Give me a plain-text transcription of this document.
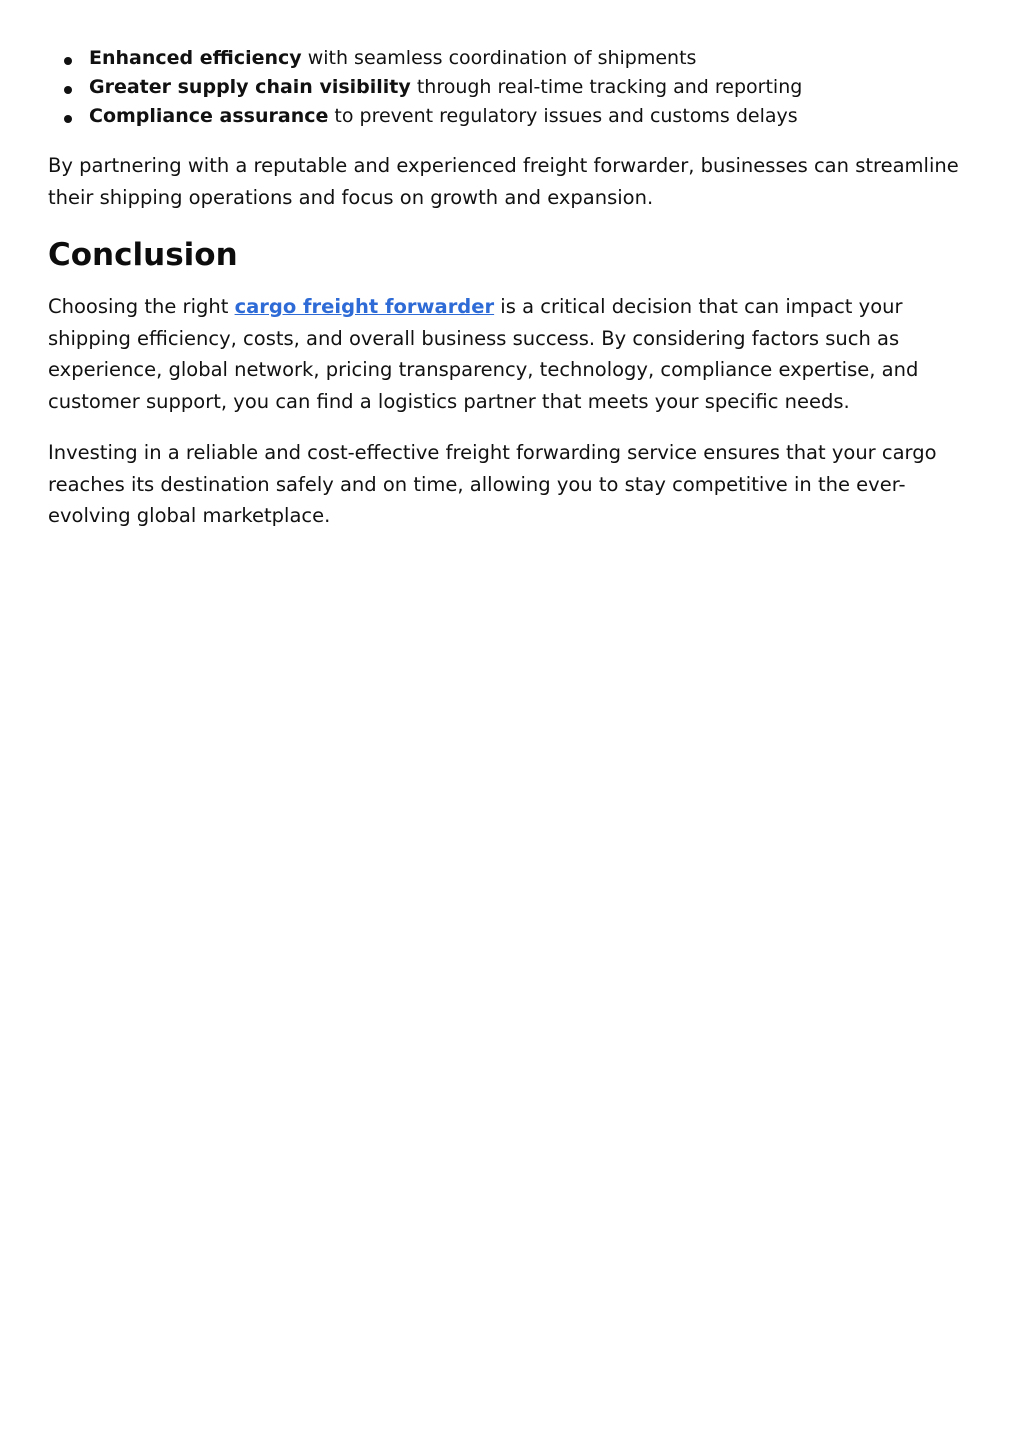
Enhanced efficiency with seamless coordination of shipments
Greater supply chain visibility through real-time tracking and reporting
Compliance assurance to prevent regulatory issues and customs delays

By partnering with a reputable and experienced freight forwarder, businesses can streamline their shipping operations and focus on growth and expansion.

Conclusion

Choosing the right cargo freight forwarder is a critical decision that can impact your shipping efficiency, costs, and overall business success. By considering factors such as experience, global network, pricing transparency, technology, compliance expertise, and customer support, you can find a logistics partner that meets your specific needs.

Investing in a reliable and cost-effective freight forwarding service ensures that your cargo reaches its destination safely and on time, allowing you to stay competitive in the ever-evolving global marketplace.
